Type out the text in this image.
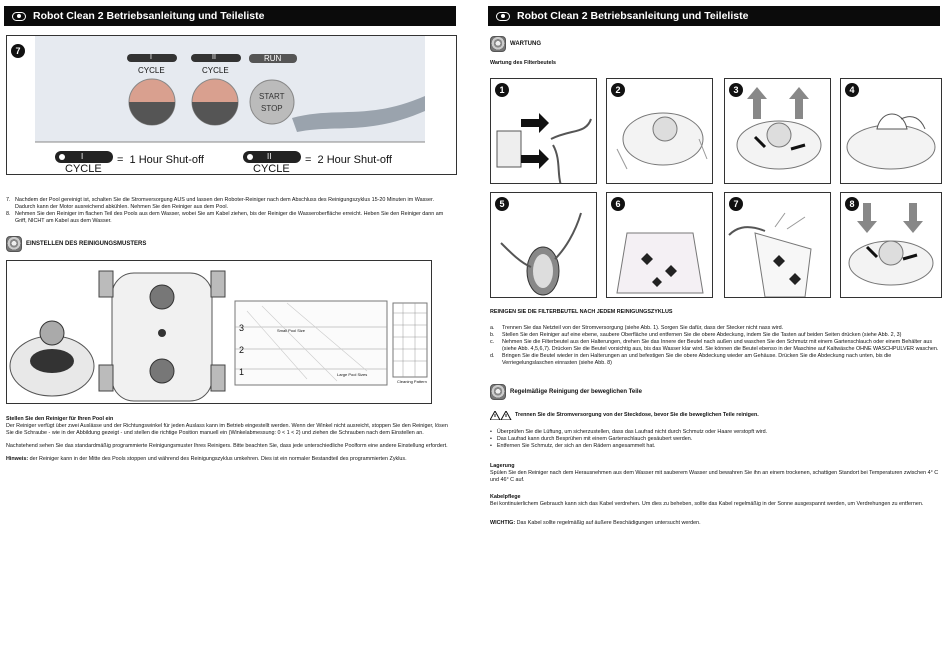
Robot Clean 2 Betriebsanleitung und Teileliste
7
I
CYCLE
II
CYCLE
RUN
START
STOP
I
CYCLE
=  1 Hour Shut-off	II
CYCLE
=  2 Hour Shut-off
7. Nachdem der Pool gereinigt ist, schalten Sie die Stromversorgung AUS und lassen den Roboter-Reiniger nach dem Abschluss des Reinigungszyklus 15-20 Minuten im Wasser. Dadurch kann der Motor ausreichend abkühlen. Nehmen Sie den Reiniger aus dem Pool.
8. Nehmen Sie den Reiniger im flachen Teil des Pools aus dem Wasser, wobei Sie am Kabel ziehen, bis der Reiniger die Wasseroberfläche erreicht. Heben Sie den Reiniger dann am Griff, NICHT am Kabel aus dem Wasser.
EINSTELLEN DES REINIGUNGSMUSTERS
3
2
1
Small Pool Size
Large Pool Sizes
Cleaning Pattern
Stellen Sie den Reiniger für Ihren Pool ein
Der Reiniger verfügt über zwei Auslässe und der Richtungswinkel für jeden Auslass kann im Betrieb eingestellt werden. Wenn der Winkel nicht ausreicht, stoppen Sie den Reiniger, lösen Sie die Schraube - wie in der Abbildung gezeigt - und stellen die richtige Position manuell ein (Winkelabmessung: 0 < 1 < 2) und ziehen die Schrauben nach dem Einstellen an.
Nachstehend sehen Sie das standardmäßig programmierte Reinigungsmuster Ihres Reinigers. Bitte beachten Sie, dass jede unterschiedliche Poolform eine andere Einstellung erfordert.
Hinweis: der Reiniger kann in der Mitte des Pools stoppen und während des Reinigungszyklus umkehren. Dies ist ein normaler Bestandteil des programmierten Zyklus.
Robot Clean 2 Betriebsanleitung und Teileliste
WARTUNG
Wartung des Filterbeutels
1	2	3	4
5	6	7	8
REINIGEN SIE DIE FILTERBEUTEL NACH JEDEM REINIGUNGSZYKLUS
a.	Trennen Sie das Netzteil von der Stromversorgung (siehe Abb. 1). Sorgen Sie dafür, dass der Stecker nicht nass wird.
b.	Stellen Sie den Reiniger auf eine ebene, saubere Oberfläche und entfernen Sie die obere Abdeckung, indem Sie die Tasten auf beiden Seiten drücken (siehe Abb. 2, 3)
c.	Nehmen Sie die Filterbeutel aus den Halterungen, drehen Sie das Innere der Beutel nach außen und waschen Sie den Schmutz mit einem Gartenschlauch oder einem Behälter aus (siehe Abb. 4,5,6,7). Drücken Sie die Beutel vorsichtig aus, bis das Wasser klar wird. Sie können die Beutel ebenso in der Maschine auf Kaltwäsche OHNE WASCHPULVER waschen.
d.	Bringen Sie die Beutel wieder in den Halterungen an und befestigen Sie die obere Abdeckung wieder am Gehäuse. Drücken Sie die Abdeckung nach unten, bis die Verriegelungslaschen einrasten (siehe Abb. 8)
Regelmäßige Reinigung der beweglichen Teile
Trennen Sie die Stromversorgung von der Steckdose, bevor Sie die beweglichen Teile reinigen.
• Überprüfen Sie die Lüftung, um sicherzustellen, dass das Laufrad nicht durch Schmutz oder Haare verstopft wird.
• Das Laufrad kann durch Besprühen mit einem Gartenschlauch gesäubert werden.
• Entfernen Sie Schmutz, der sich an den Rädern angesammelt hat.
Lagerung
Spülen Sie den Reiniger nach dem Herausnehmen aus dem Wasser mit sauberem Wasser und bewahren Sie ihn an einem trockenen, schattigen Standort bei Temperaturen zwischen 4° C und 46° C auf.
Kabelpflege
Bei kontinuierlichem Gebrauch kann sich das Kabel verdrehen. Um dies zu beheben, sollte das Kabel regelmäßig in der Sonne ausgespannt werden, um Verdrehungen zu entfernen.
WICHTIG: Das Kabel sollte regelmäßig auf äußere Beschädigungen untersucht werden.
